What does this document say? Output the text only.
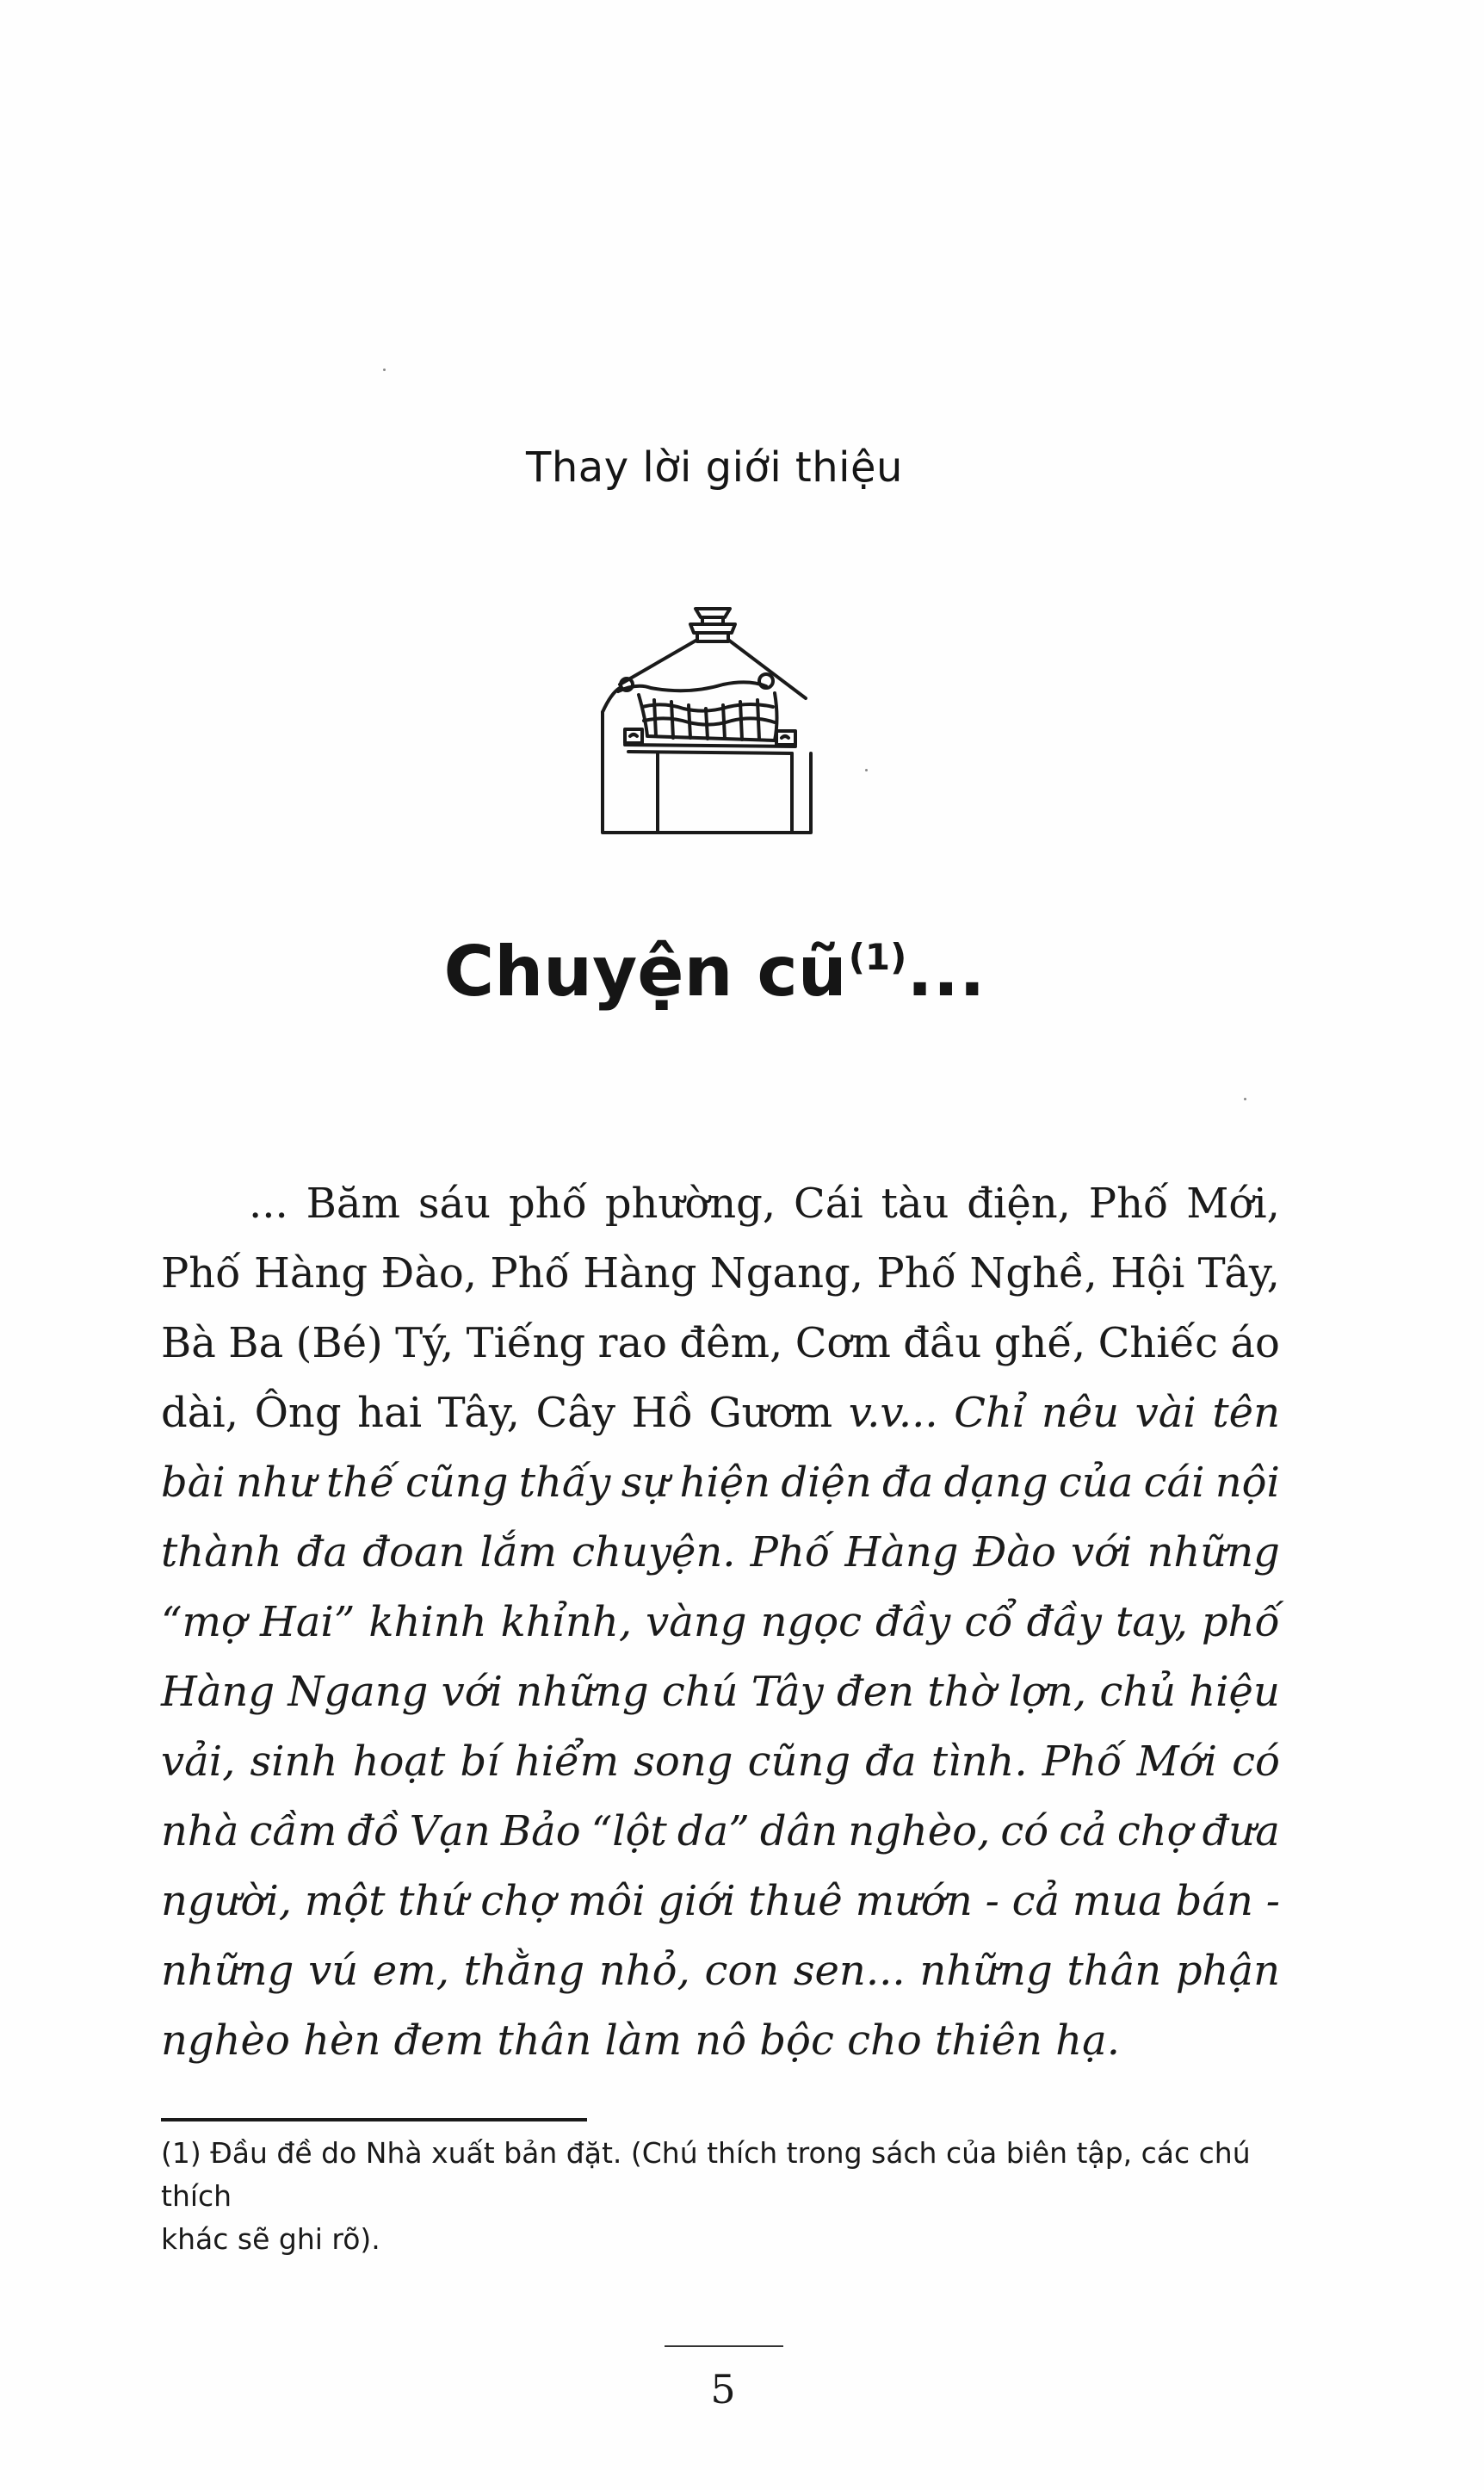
Thay lời giới thiệu
Chuyện $cũ^{(1)}$...
... Băm sáu phố phường, Cái tàu điện, Phố Mới,
Phố Hàng Đào, Phố Hàng Ngang, Phố Nghề, Hội Tây,
Bà Ba (Bé) Tý, Tiếng rao đêm, Cơm đầu ghế, Chiếc áo
dài, Ông hai Tây, Cây Hồ Gươm v.v... Chỉ nêu vài tên
bài như thế cũng thấy sự hiện diện đa dạng của cái nội
thành đa đoan lắm chuyện. Phố Hàng Đào với những
“mợ Hai” khinh khỉnh, vàng ngọc đầy cổ đầy tay, phố
Hàng Ngang với những chú Tây đen thờ lợn, chủ hiệu
vải, sinh hoạt bí hiểm song cũng đa tình. Phố Mới có
nhà cầm đồ Vạn Bảo “lột da” dân nghèo, có cả chợ đưa
người, một thứ chợ môi giới thuê mướn - cả mua bán -
những vú em, thằng nhỏ, con sen... những thân phận
nghèo hèn đem thân làm nô bộc cho thiên hạ.
(1) Đầu đề do Nhà xuất bản đặt. (Chú thích trong sách của biên tập, các chú thích
khác sẽ ghi rõ).
5
